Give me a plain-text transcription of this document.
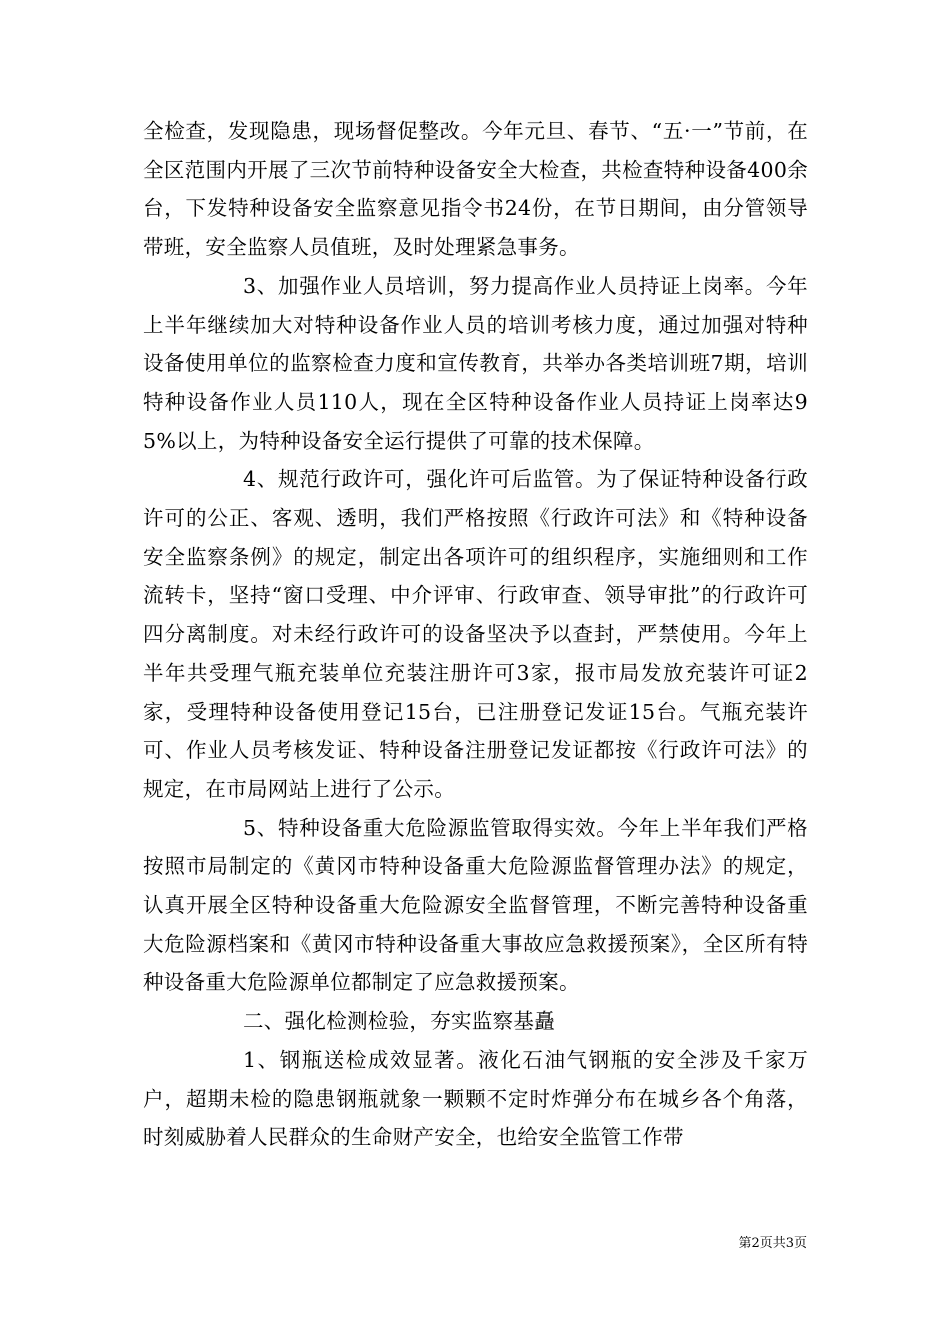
全检查，发现隐患，现场督促整改。今年元旦、春节、“五·一”节前，在全区范围内开展了三次节前特种设备安全大检查，共检查特种设备400余台，下发特种设备安全监察意见指令书24份，在节日期间，由分管领导带班，安全监察人员值班，及时处理紧急事务。

3、加强作业人员培训，努力提高作业人员持证上岗率。今年上半年继续加大对特种设备作业人员的培训考核力度，通过加强对特种设备使用单位的监察检查力度和宣传教育，共举办各类培训班7期，培训特种设备作业人员110人，现在全区特种设备作业人员持证上岗率达95%以上，为特种设备安全运行提供了可靠的技术保障。

4、规范行政许可，强化许可后监管。为了保证特种设备行政许可的公正、客观、透明，我们严格按照《行政许可法》和《特种设备安全监察条例》的规定，制定出各项许可的组织程序，实施细则和工作流转卡，坚持“窗口受理、中介评审、行政审查、领导审批”的行政许可四分离制度。对未经行政许可的设备坚决予以查封，严禁使用。今年上半年共受理气瓶充装单位充装注册许可3家，报市局发放充装许可证2家，受理特种设备使用登记15台，已注册登记发证15台。气瓶充装许可、作业人员考核发证、特种设备注册登记发证都按《行政许可法》的规定，在市局网站上进行了公示。

5、特种设备重大危险源监管取得实效。今年上半年我们严格按照市局制定的《黄冈市特种设备重大危险源监督管理办法》的规定，认真开展全区特种设备重大危险源安全监督管理，不断完善特种设备重大危险源档案和《黄冈市特种设备重大事故应急救援预案》，全区所有特种设备重大危险源单位都制定了应急救援预案。

二、强化检测检验，夯实监察基矗

1、钢瓶送检成效显著。液化石油气钢瓶的安全涉及千家万户，超期未检的隐患钢瓶就象一颗颗不定时炸弹分布在城乡各个角落，时刻威胁着人民群众的生命财产安全，也给安全监管工作带

第2页共3页
